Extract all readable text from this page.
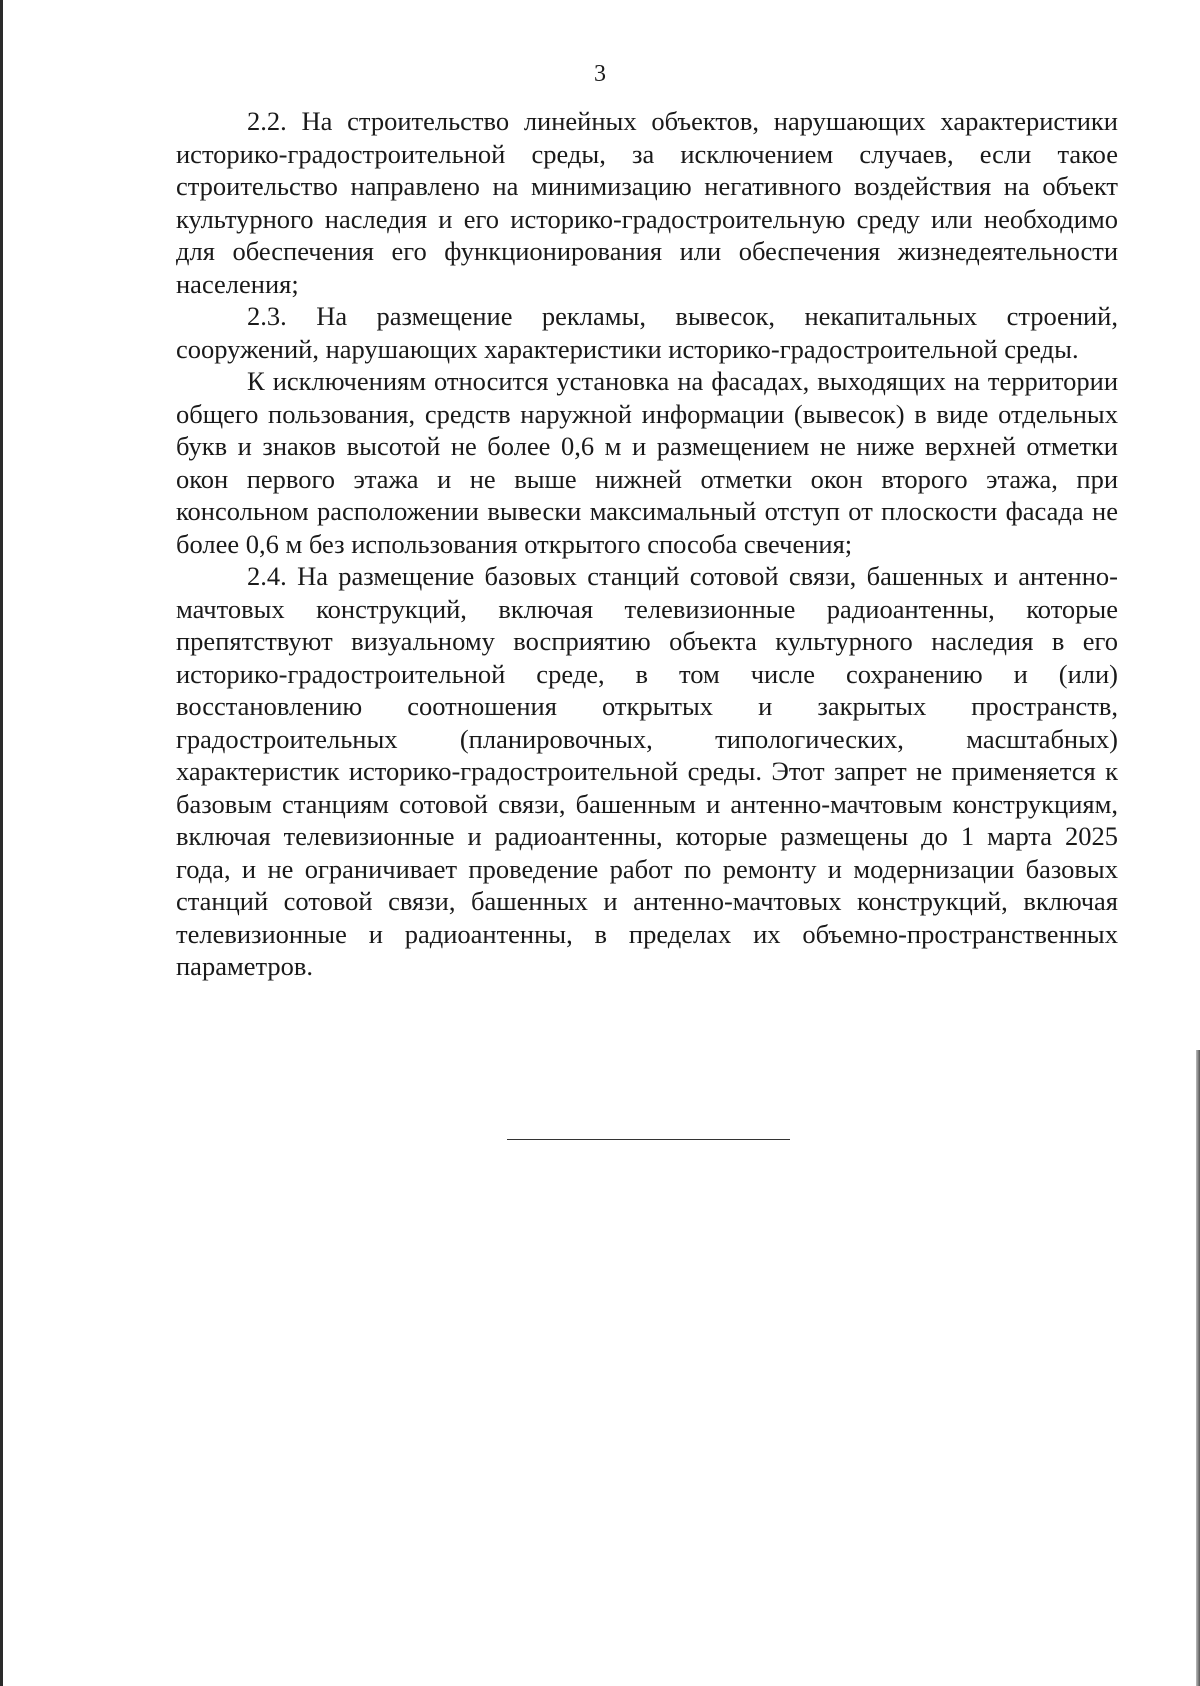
3

2.2. На строительство линейных объектов, нарушающих характеристики историко-градостроительной среды, за исключением случаев, если такое строительство направлено на минимизацию негативного воздействия на объект культурного наследия и его историко-градостроительную среду или необходимо для обеспечения его функционирования или обеспечения жизнедеятельности населения;

2.3. На размещение рекламы, вывесок, некапитальных строений, сооружений, нарушающих характеристики историко-градостроительной среды.

К исключениям относится установка на фасадах, выходящих на территории общего пользования, средств наружной информации (вывесок) в виде отдельных букв и знаков высотой не более 0,6 м и размещением не ниже верхней отметки окон первого этажа и не выше нижней отметки окон второго этажа, при консольном расположении вывески максимальный отступ от плоскости фасада не более 0,6 м без использования открытого способа свечения;

2.4. На размещение базовых станций сотовой связи, башенных и антенно-мачтовых конструкций, включая телевизионные радиоантенны, которые препятствуют визуальному восприятию объекта культурного наследия в его историко-градостроительной среде, в том числе сохранению и (или) восстановлению соотношения открытых и закрытых пространств, градостроительных (планировочных, типологических, масштабных) характеристик историко-градостроительной среды. Этот запрет не применяется к базовым станциям сотовой связи, башенным и антенно-мачтовым конструкциям, включая телевизионные и радиоантенны, которые размещены до 1 марта 2025 года, и не ограничивает проведение работ по ремонту и модернизации базовых станций сотовой связи, башенных и антенно-мачтовых конструкций, включая телевизионные и радиоантенны, в пределах их объемно-пространственных параметров.
